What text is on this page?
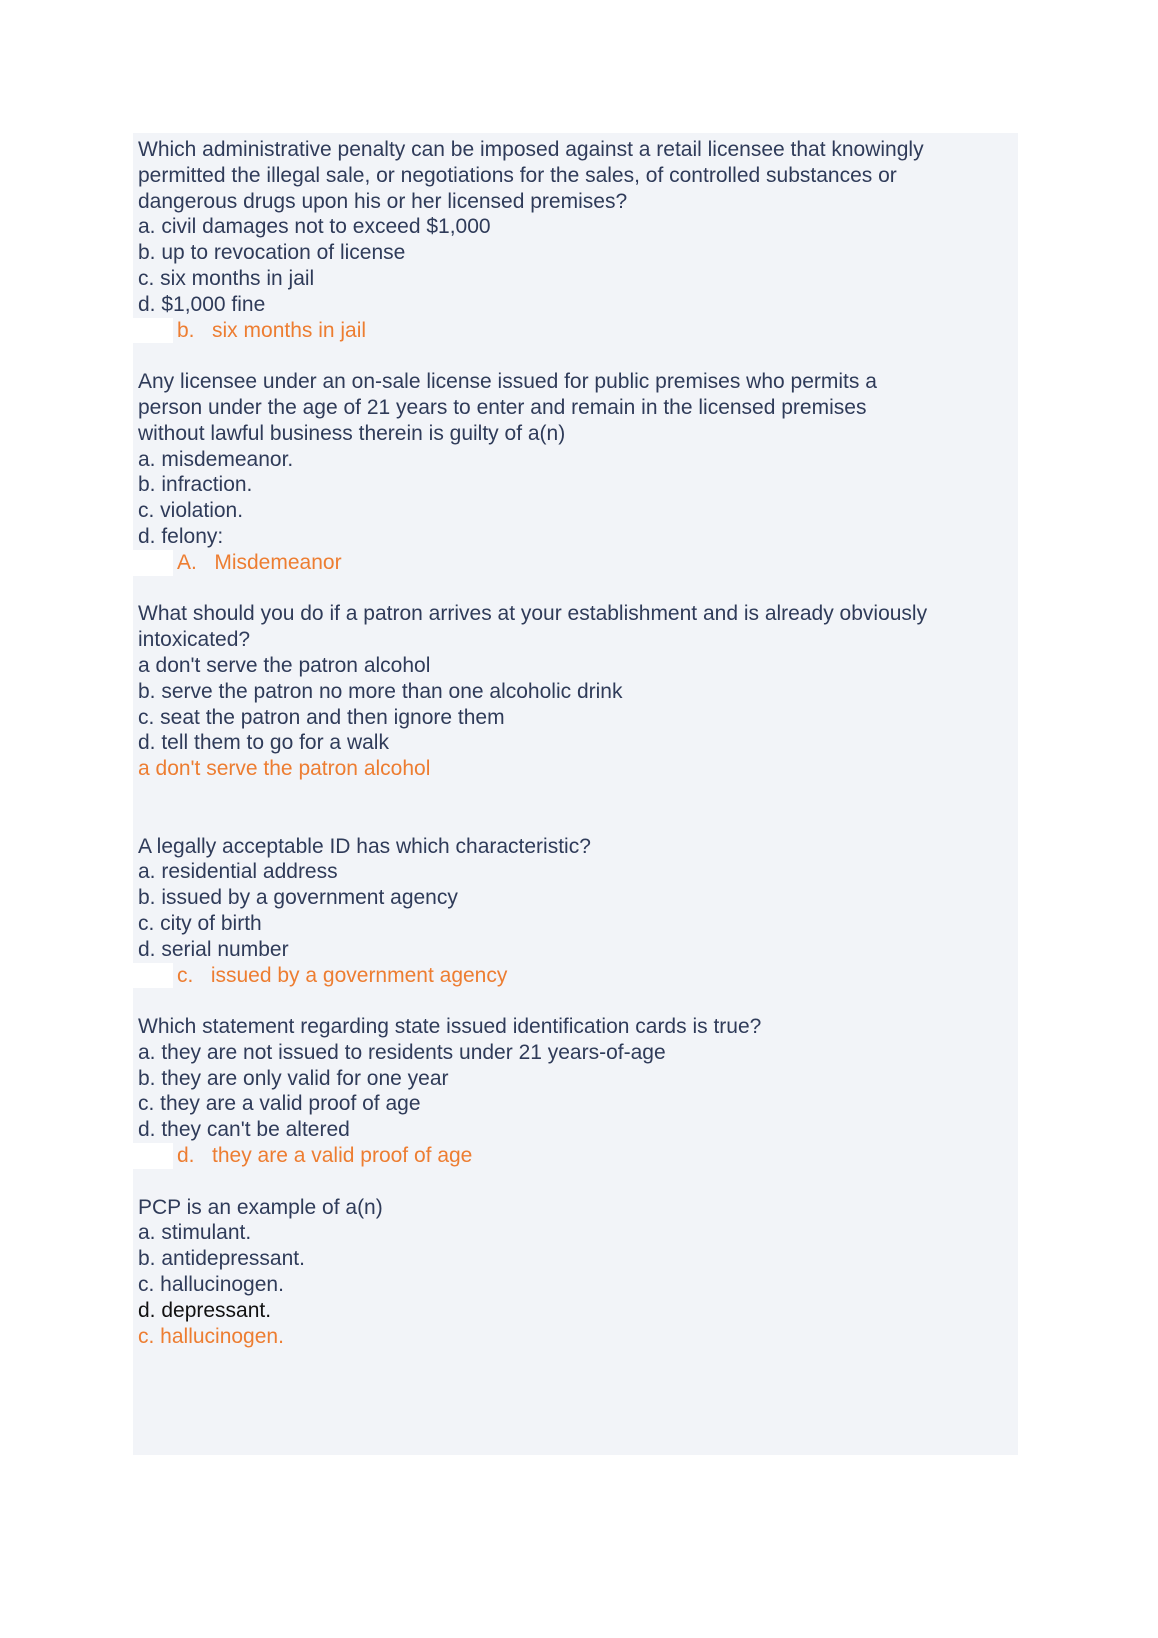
Which administrative penalty can be imposed against a retail licensee that knowingly
permitted the illegal sale, or negotiations for the sales, of controlled substances or
dangerous drugs upon his or her licensed premises?
a. civil damages not to exceed $1,000
b. up to revocation of license
c. six months in jail
d. $1,000 fine
b.   six months in jail
Any licensee under an on-sale license issued for public premises who permits a
person under the age of 21 years to enter and remain in the licensed premises
without lawful business therein is guilty of a(n)
a. misdemeanor.
b. infraction.
c. violation.
d. felony:
A.   Misdemeanor
What should you do if a patron arrives at your establishment and is already obviously
intoxicated?
a don't serve the patron alcohol
b. serve the patron no more than one alcoholic drink
c. seat the patron and then ignore them
d. tell them to go for a walk
a don't serve the patron alcohol
A legally acceptable ID has which characteristic?
a. residential address
b. issued by a government agency
c. city of birth
d. serial number
c.   issued by a government agency
Which statement regarding state issued identification cards is true?
a. they are not issued to residents under 21 years-of-age
b. they are only valid for one year
c. they are a valid proof of age
d. they can't be altered
d.   they are a valid proof of age
PCP is an example of a(n)
a. stimulant.
b. antidepressant.
c. hallucinogen.
d. depressant.
c. hallucinogen.
